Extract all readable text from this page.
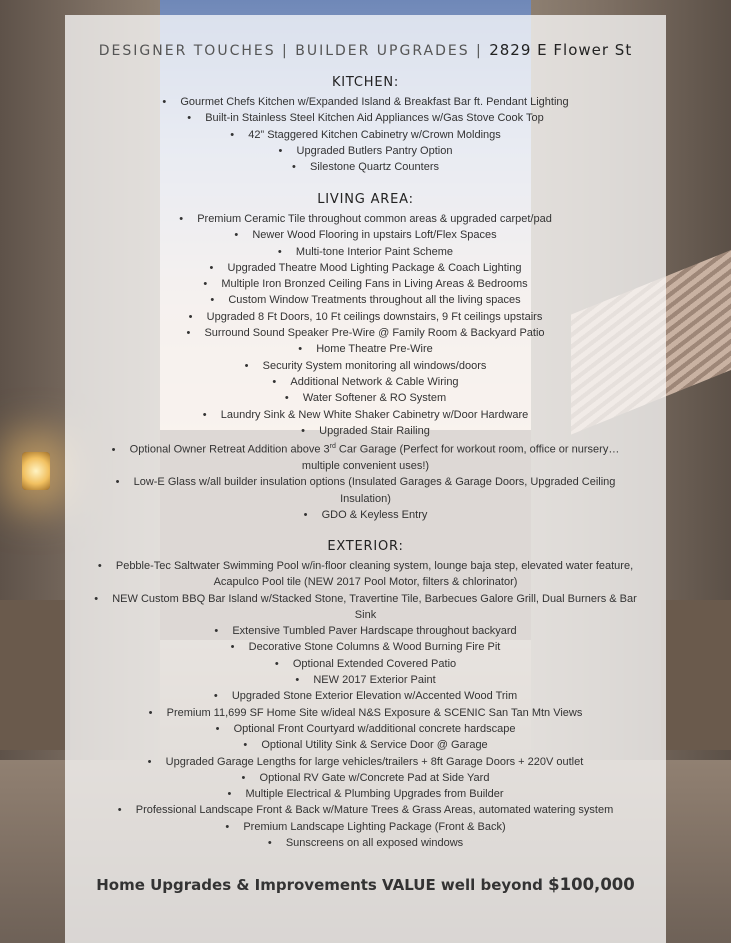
DESIGNER TOUCHES | BUILDER UPGRADES | 2829 E Flower St
KITCHEN:
• Gourmet Chefs Kitchen w/Expanded Island & Breakfast Bar ft. Pendant Lighting
• Built-in Stainless Steel Kitchen Aid Appliances w/Gas Stove Cook Top
• 42” Staggered Kitchen Cabinetry w/Crown Moldings
• Upgraded Butlers Pantry Option
• Silestone Quartz Counters
LIVING AREA:
• Premium Ceramic Tile throughout common areas & upgraded carpet/pad
• Newer Wood Flooring in upstairs Loft/Flex Spaces
• Multi-tone Interior Paint Scheme
• Upgraded Theatre Mood Lighting Package & Coach Lighting
• Multiple Iron Bronzed Ceiling Fans in Living Areas & Bedrooms
• Custom Window Treatments throughout all the living spaces
• Upgraded 8 Ft Doors, 10 Ft ceilings downstairs, 9 Ft ceilings upstairs
• Surround Sound Speaker Pre-Wire @ Family Room & Backyard Patio
• Home Theatre Pre-Wire
• Security System monitoring all windows/doors
• Additional Network & Cable Wiring
• Water Softener & RO System
• Laundry Sink & New White Shaker Cabinetry w/Door Hardware
• Upgraded Stair Railing
• Optional Owner Retreat Addition above 3rd Car Garage (Perfect for workout room, office or nursery… multiple convenient uses!)
• Low-E Glass w/all builder insulation options (Insulated Garages & Garage Doors, Upgraded Ceiling Insulation)
• GDO & Keyless Entry
EXTERIOR:
• Pebble-Tec Saltwater Swimming Pool w/in-floor cleaning system, lounge baja step, elevated water feature, Acapulco Pool tile (NEW 2017 Pool Motor, filters & chlorinator)
• NEW Custom BBQ Bar Island w/Stacked Stone, Travertine Tile, Barbecues Galore Grill, Dual Burners & Bar Sink
• Extensive Tumbled Paver Hardscape throughout backyard
• Decorative Stone Columns & Wood Burning Fire Pit
• Optional Extended Covered Patio
• NEW 2017 Exterior Paint
• Upgraded Stone Exterior Elevation w/Accented Wood Trim
• Premium 11,699 SF Home Site w/ideal N&S Exposure & SCENIC San Tan Mtn Views
• Optional Front Courtyard w/additional concrete hardscape
• Optional Utility Sink & Service Door @ Garage
• Upgraded Garage Lengths for large vehicles/trailers + 8ft Garage Doors + 220V outlet
• Optional RV Gate w/Concrete Pad at Side Yard
• Multiple Electrical & Plumbing Upgrades from Builder
• Professional Landscape Front & Back w/Mature Trees & Grass Areas, automated watering system
• Premium Landscape Lighting Package (Front & Back)
• Sunscreens on all exposed windows
Home Upgrades & Improvements VALUE well beyond $100,000
